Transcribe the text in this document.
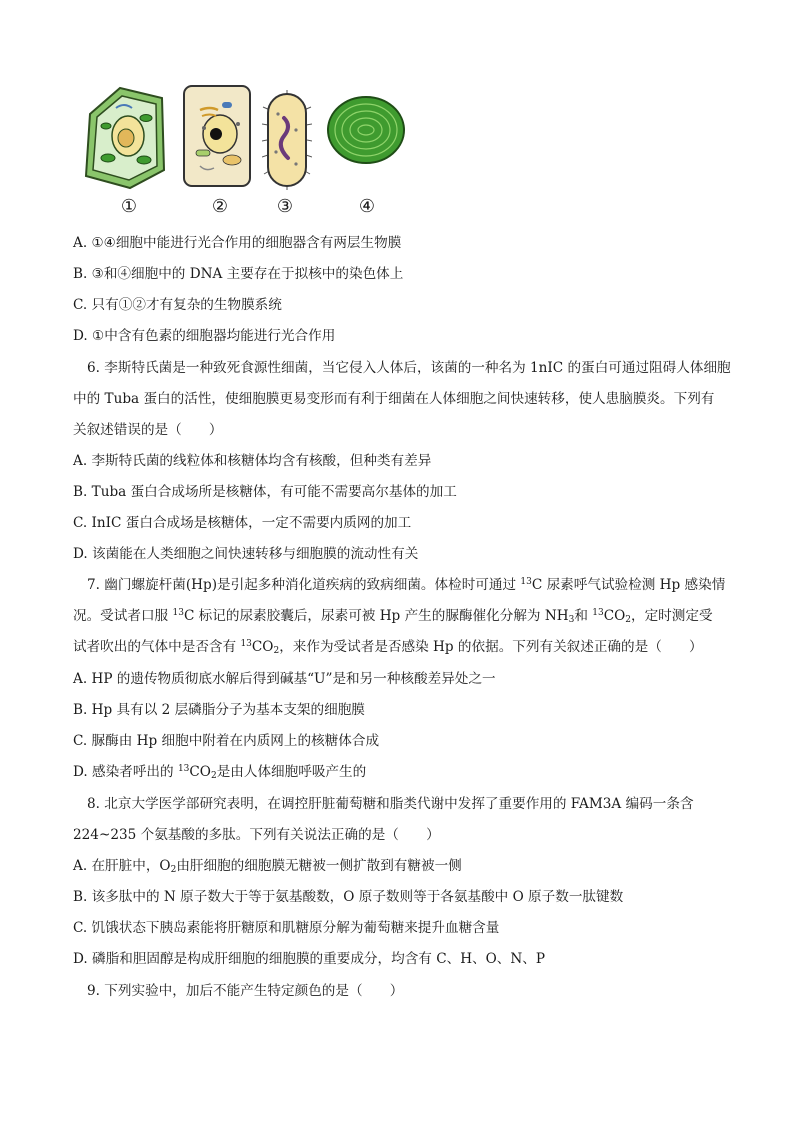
①	②	③	④
A. ①④细胞中能进行光合作用的细胞器含有两层生物膜
B. ③和④细胞中的 DNA 主要存在于拟核中的染色体上
C. 只有①②才有复杂的生物膜系统
D. ①中含有色素的细胞器均能进行光合作用
6. 李斯特氏菌是一种致死食源性细菌，当它侵入人体后，该菌的一种名为 1nIC 的蛋白可通过阻碍人体细胞
中的 Tuba 蛋白的活性，使细胞膜更易变形而有利于细菌在人体细胞之间快速转移，使人患脑膜炎。下列有
关叙述错误的是（　　）
A. 李斯特氏菌的线粒体和核糖体均含有核酸，但种类有差异
B. Tuba 蛋白合成场所是核糖体，有可能不需要高尔基体的加工
C. InIC 蛋白合成场是核糖体，一定不需要内质网的加工
D. 该菌能在人类细胞之间快速转移与细胞膜的流动性有关
7. 幽门螺旋杆菌(Hp)是引起多种消化道疾病的致病细菌。体检时可通过 $^{13}$C 尿素呼气试验检测 Hp 感染情
况。受试者口服 $^{13}$C 标记的尿素胶囊后，尿素可被 Hp 产生的脲酶催化分解为 $NH_3$和 $^{13}CO_2$，定时测定受
试者吹出的气体中是否含有 $^{13}CO_2$，来作为受试者是否感染 Hp 的依据。下列有关叙述正确的是（　　）
A. HP 的遗传物质彻底水解后得到碱基“U”是和另一种核酸差异处之一
B. Hp 具有以 2 层磷脂分子为基本支架的细胞膜
C. 脲酶由 Hp 细胞中附着在内质网上的核糖体合成
D. 感染者呼出的 $^{13}CO_2$是由人体细胞呼吸产生的
8. 北京大学医学部研究表明，在调控肝脏葡萄糖和脂类代谢中发挥了重要作用的 FAM3A 编码一条含
224~235 个氨基酸的多肽。下列有关说法正确的是（　　）
A. 在肝脏中，$O_2$由肝细胞的细胞膜无糖被一侧扩散到有糖被一侧
B. 该多肽中的 N 原子数大于等于氨基酸数，O 原子数则等于各氨基酸中 O 原子数一肽键数
C. 饥饿状态下胰岛素能将肝糖原和肌糖原分解为葡萄糖来提升血糖含量
D. 磷脂和胆固醇是构成肝细胞的细胞膜的重要成分，均含有 C、H、O、N、P
9. 下列实验中，加后不能产生特定颜色的是（　　）
